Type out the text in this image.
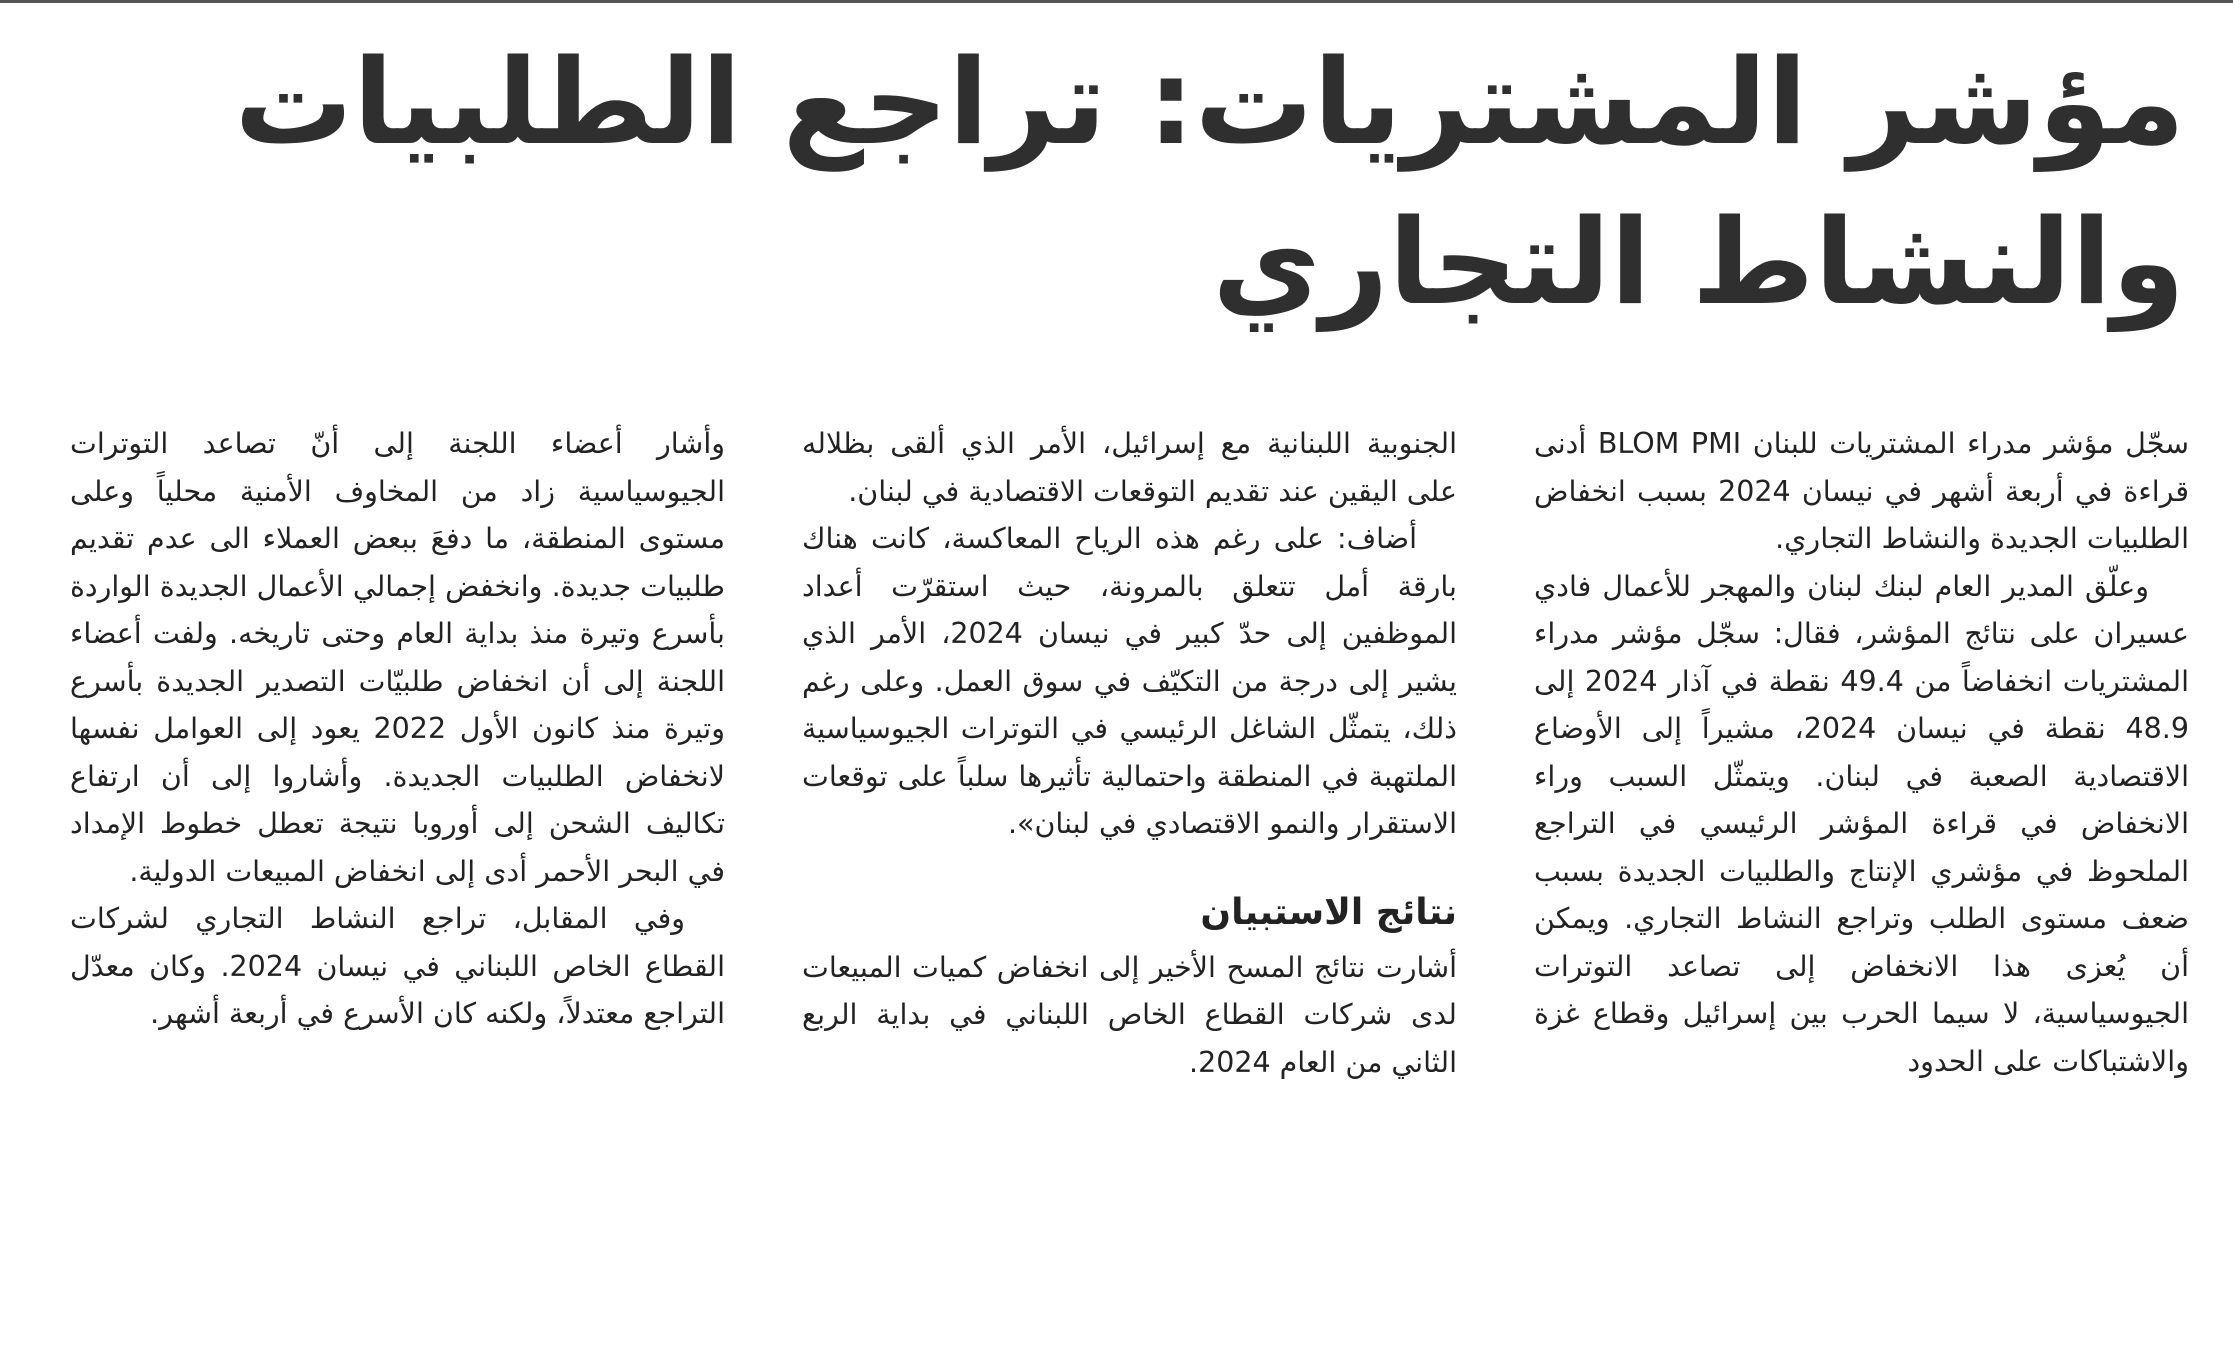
مؤشر المشتريات: تراجع الطلبيات
والنشاط التجاري

سجّل مؤشر مدراء المشتريات للبنان BLOM PMI أدنى قراءة في أربعة أشهر في نيسان 2024 بسبب انخفاض الطلبيات الجديدة والنشاط التجاري.

وعلّق المدير العام لبنك لبنان والمهجر للأعمال فادي عسيران على نتائج المؤشر، فقال: سجّل مؤشر مدراء المشتريات انخفاضاً من 49.4 نقطة في آذار 2024 إلى 48.9 نقطة في نيسان 2024، مشيراً إلى الأوضاع الاقتصادية الصعبة في لبنان. ويتمثّل السبب وراء الانخفاض في قراءة المؤشر الرئيسي في التراجع الملحوظ في مؤشري الإنتاج والطلبيات الجديدة بسبب ضعف مستوى الطلب وتراجع النشاط التجاري. ويمكن أن يُعزى هذا الانخفاض إلى تصاعد التوترات الجيوسياسية، لا سيما الحرب بين إسرائيل وقطاع غزة والاشتباكات على الحدود

الجنوبية اللبنانية مع إسرائيل، الأمر الذي ألقى بظلاله على اليقين عند تقديم التوقعات الاقتصادية في لبنان.

أضاف: على رغم هذه الرياح المعاكسة، كانت هناك بارقة أمل تتعلق بالمرونة، حيث استقرّت أعداد الموظفين إلى حدّ كبير في نيسان 2024، الأمر الذي يشير إلى درجة من التكيّف في سوق العمل. وعلى رغم ذلك، يتمثّل الشاغل الرئيسي في التوترات الجيوسياسية الملتهبة في المنطقة واحتمالية تأثيرها سلباً على توقعات الاستقرار والنمو الاقتصادي في لبنان».

نتائج الاستبيان

أشارت نتائج المسح الأخير إلى انخفاض كميات المبيعات لدى شركات القطاع الخاص اللبناني في بداية الربع الثاني من العام 2024.

وأشار أعضاء اللجنة إلى أنّ تصاعد التوترات الجيوسياسية زاد من المخاوف الأمنية محلياً وعلى مستوى المنطقة، ما دفعَ ببعض العملاء الى عدم تقديم طلبيات جديدة. وانخفض إجمالي الأعمال الجديدة الواردة بأسرع وتيرة منذ بداية العام وحتى تاريخه. ولفت أعضاء اللجنة إلى أن انخفاض طلبيّات التصدير الجديدة بأسرع وتيرة منذ كانون الأول 2022 يعود إلى العوامل نفسها لانخفاض الطلبيات الجديدة. وأشاروا إلى أن ارتفاع تكاليف الشحن إلى أوروبا نتيجة تعطل خطوط الإمداد في البحر الأحمر أدى إلى انخفاض المبيعات الدولية.

وفي المقابل، تراجع النشاط التجاري لشركات القطاع الخاص اللبناني في نيسان 2024. وكان معدّل التراجع معتدلاً، ولكنه كان الأسرع في أربعة أشهر.
